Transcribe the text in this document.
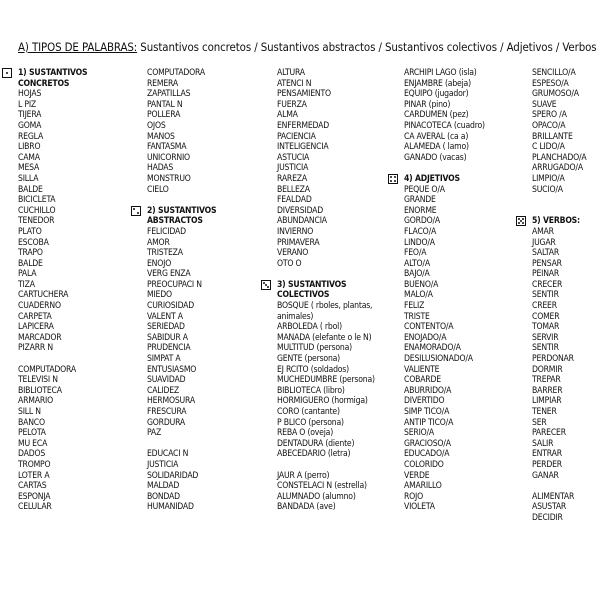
A) TIPOS DE PALABRAS: Sustantivos concretos / Sustantivos abstractos / Sustantivos colectivos / Adjetivos / Verbos
1) SUSTANTIVOS
CONCRETOS
HOJAS
L PIZ
TIJERA
GOMA
REGLA
LIBRO
CAMA
MESA
SILLA
BALDE
BICICLETA
CUCHILLO
TENEDOR
PLATO
ESCOBA
TRAPO
BALDE
PALA
TIZA
CARTUCHERA
CUADERNO
CARPETA
LAPICERA
MARCADOR
PIZARR N
COMPUTADORA
TELEVISI N
BIBLIOTECA
ARMARIO
SILL N
BANCO
PELOTA
MU ECA
DADOS
TROMPO
LOTER A
CARTAS
ESPONJA
CELULAR
COMPUTADORA
REMERA
ZAPATILLAS
PANTAL N
POLLERA
OJOS
MANOS
FANTASMA
UNICORNIO
HADAS
MONSTRUO
CIELO
2) SUSTANTIVOS
ABSTRACTOS
FELICIDAD
AMOR
TRISTEZA
ENOJO
VERG ENZA
PREOCUPACI N
MIEDO
CURIOSIDAD
VALENT A
SERIEDAD
SABIDUR A
PRUDENCIA
SIMPAT A
ENTUSIASMO
SUAVIDAD
CALIDEZ
HERMOSURA
FRESCURA
GORDURA
PAZ
EDUCACI N
JUSTICIA
SOLIDARIDAD
MALDAD
BONDAD
HUMANIDAD
ALTURA
ATENCI N
PENSAMIENTO
FUERZA
ALMA
ENFERMEDAD
PACIENCIA
INTELIGENCIA
ASTUCIA
JUSTICIA
RAREZA
BELLEZA
FEALDAD
DIVERSIDAD
ABUNDANCIA
INVIERNO
PRIMAVERA
VERANO
OTO O
3) SUSTANTIVOS
COLECTIVOS
BOSQUE ( rboles, plantas,
animales)
ARBOLEDA ( rbol)
MANADA (elefante o le N)
MULTITUD (persona)
GENTE (persona)
EJ RCITO (soldados)
MUCHEDUMBRE (persona)
BIBLIOTECA (libro)
HORMIGUERO (hormiga)
CORO (cantante)
P BLICO (persona)
REBA O (oveja)
DENTADURA (diente)
ABECEDARIO (letra)
JAUR A (perro)
CONSTELACI N (estrella)
ALUMNADO (alumno)
BANDADA (ave)
ARCHIPI LAGO (isla)
ENJAMBRE (abeja)
EQUIPO (jugador)
PINAR (pino)
CARDUMEN (pez)
PINACOTECA (cuadro)
CA AVERAL (ca a)
ALAMEDA ( lamo)
GANADO (vacas)
4) ADJETIVOS
PEQUE O/A
GRANDE
ENORME
GORDO/A
FLACO/A
LINDO/A
FEO/A
ALTO/A
BAJO/A
BUENO/A
MALO/A
FELIZ
TRISTE
CONTENTO/A
ENOJADO/A
ENAMORADO/A
DESILUSIONADO/A
VALIENTE
COBARDE
ABURRIDO/A
DIVERTIDO
SIMP TICO/A
ANTIP TICO/A
SERIO/A
GRACIOSO/A
EDUCADO/A
COLORIDO
VERDE
AMARILLO
ROJO
VIOLETA
SENCILLO/A
ESPESO/A
GRUMOSO/A
SUAVE
SPERO /A
OPACO/A
BRILLANTE
C LIDO/A
PLANCHADO/A
ARRUGADO/A
LIMPIO/A
SUCIO/A
5) VERBOS:
AMAR
JUGAR
SALTAR
PENSAR
PEINAR
CRECER
SENTIR
CREER
COMER
TOMAR
SERVIR
SENTIR
PERDONAR
DORMIR
TREPAR
BARRER
LIMPIAR
TENER
SER
PARECER
SALIR
ENTRAR
PERDER
GANAR
ALIMENTAR
ASUSTAR
DECIDIR
